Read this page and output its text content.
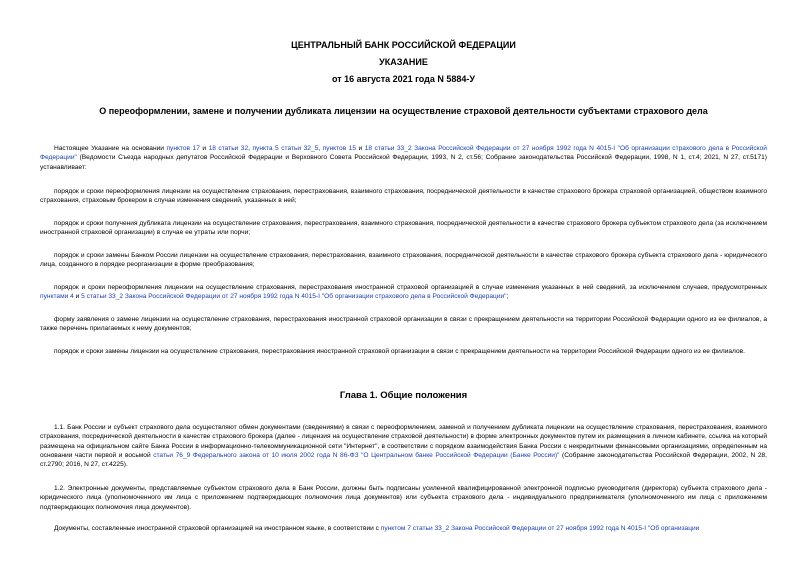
ЦЕНТРАЛЬНЫЙ БАНК РОССИЙСКОЙ ФЕДЕРАЦИИ
УКАЗАНИЕ
от 16 августа 2021 года N 5884-У
О переоформлении, замене и получении дубликата лицензии на осуществление страховой деятельности субъектами страхового дела

Настоящее Указание на основании пунктов 17 и 18 статьи 32, пункта 5 статьи 32_5, пунктов 15 и 18 статьи 33_2 Закона Российской Федерации от 27 ноября 1992 года N 4015-I "Об организации страхового дела в Российской Федерации" (Ведомости Съезда народных депутатов Российской Федерации и Верховного Совета Российской Федерации, 1993, N 2, ст.56; Собрание законодательства Российской Федерации, 1998, N 1, ст.4; 2021, N 27, ст.5171) устанавливает:

порядок и сроки переоформления лицензии на осуществление страхования, перестрахования, взаимного страхования, посреднической деятельности в качестве страхового брокера страховой организацией, обществом взаимного страхования, страховым брокером в случае изменения сведений, указанных в ней;

порядок и сроки получения дубликата лицензии на осуществление страхования, перестрахования, взаимного страхования, посреднической деятельности в качестве страхового брокера субъектом страхового дела (за исключением иностранной страховой организации) в случае ее утраты или порчи;

порядок и сроки замены Банком России лицензии на осуществление страхования, перестрахования, взаимного страхования, посреднической деятельности в качестве страхового брокера субъекта страхового дела - юридического лица, созданного в порядке реорганизации в форме преобразования;

порядок и сроки переоформления лицензии на осуществление страхования, перестрахования иностранной страховой организацией в случае изменения указанных в ней сведений, за исключением случаев, предусмотренных пунктами 4 и 5 статьи 33_2 Закона Российской Федерации от 27 ноября 1992 года N 4015-I "Об организации страхового дела в Российской Федерации";

форму заявления о замене лицензии на осуществление страхования, перестрахования иностранной страховой организации в связи с прекращением деятельности на территории Российской Федерации одного из ее филиалов, а также перечень прилагаемых к нему документов;

порядок и сроки замены лицензии на осуществление страхования, перестрахования иностранной страховой организации в связи с прекращением деятельности на территории Российской Федерации одного из ее филиалов.

Глава 1. Общие положения

1.1. Банк России и субъект страхового дела осуществляют обмен документами (сведениями) в связи с переоформлением, заменой и получением дубликата лицензии на осуществление страхования, перестрахования, взаимного страхования, посреднической деятельности в качестве страхового брокера (далее - лицензия на осуществление страховой деятельности) в форме электронных документов путем их размещения в личном кабинете, ссылка на который размещена на официальном сайте Банка России в информационно-телекоммуникационной сети "Интернет", в соответствии с порядком взаимодействия Банка России с некредитными финансовыми организациями, определенным на основании части первой и восьмой статьи 76_9 Федерального закона от 10 июля 2002 года N 86-ФЗ "О Центральном банке Российской Федерации (Банке России)" (Собрание законодательства Российской Федерации, 2002, N 28, ст.2790; 2016, N 27, ст.4225).

1.2. Электронные документы, представляемые субъектом страхового дела в Банк России, должны быть подписаны усиленной квалифицированной электронной подписью руководителя (директора) субъекта страхового дела - юридического лица (уполномоченного им лица с приложением подтверждающих полномочия лица документов) или субъекта страхового дела - индивидуального предпринимателя (уполномоченного им лица с приложением подтверждающих полномочия лица документов).

Документы, составленные иностранной страховой организацией на иностранном языке, в соответствии с пунктом 7 статьи 33_2 Закона Российской Федерации от 27 ноября 1992 года N 4015-I "Об организации
